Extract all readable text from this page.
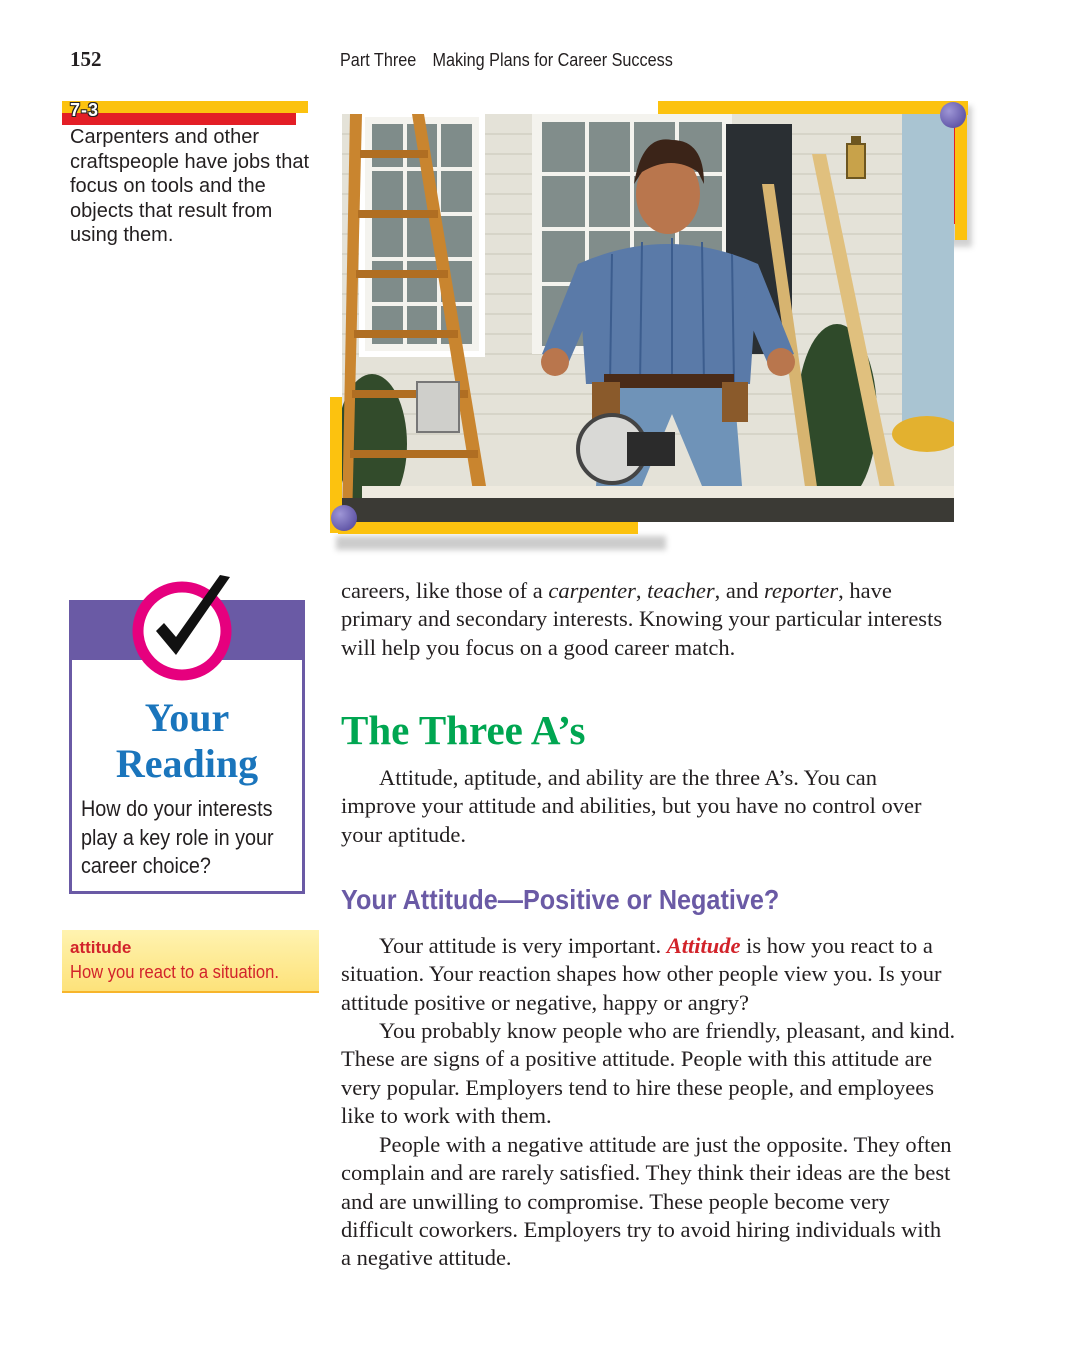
152	Part Three Making Plans for Career Success
7-3
Carpenters and other craftspeople have jobs that focus on tools and the objects that result from using them.
Your
Reading
How do your interests play a key role in your career choice?
attitude
How you react to a situation.

careers, like those of a carpenter, teacher, and reporter, have primary and secondary interests. Knowing your particular interests will help you focus on a good career match.

The Three A’s

Attitude, aptitude, and ability are the three A’s. You can improve your attitude and abilities, but you have no control over your aptitude.

Your Attitude—Positive or Negative?

Your attitude is very important. Attitude is how you react to a situation. Your reaction shapes how other people view you. Is your attitude positive or negative, happy or angry?

You probably know people who are friendly, pleasant, and kind. These are signs of a positive attitude. People with this attitude are very popular. Employers tend to hire these people, and employees like to work with them.

People with a negative attitude are just the opposite. They often complain and are rarely satisfied. They think their ideas are the best and are unwilling to compromise. These people become very difficult coworkers. Employers try to avoid hiring individuals with a negative attitude.
